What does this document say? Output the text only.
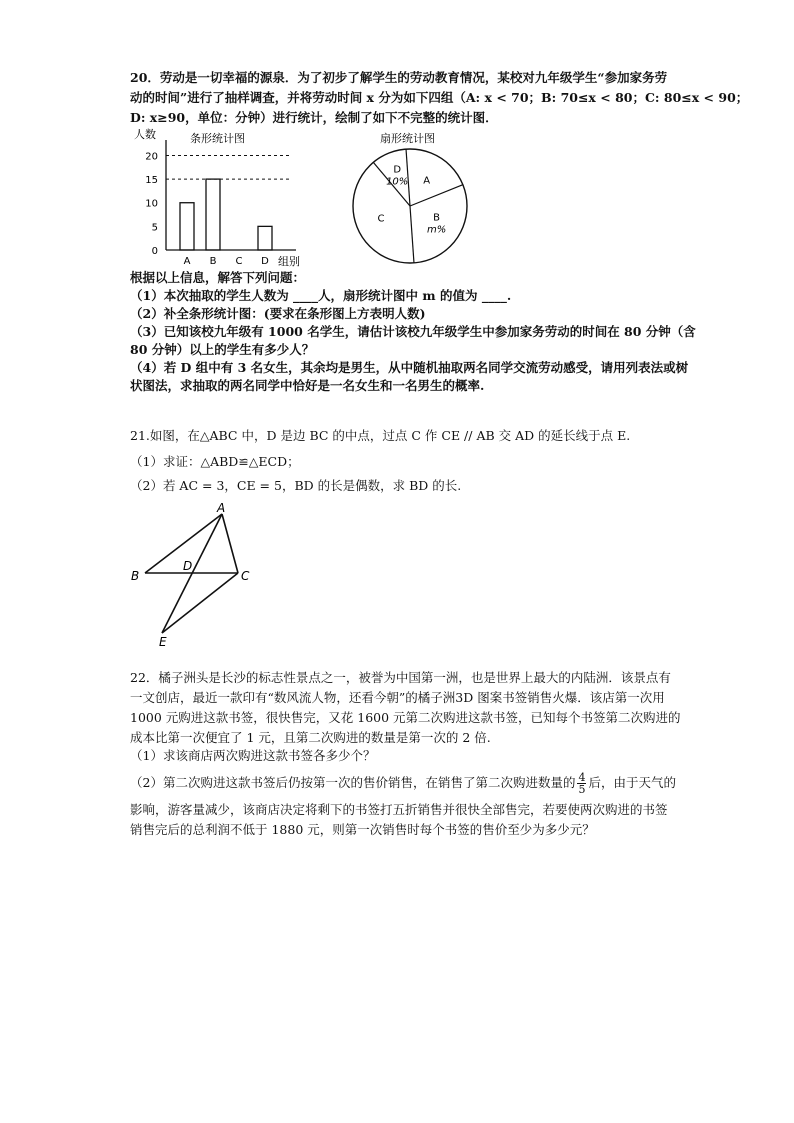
20．劳动是一切幸福的源泉．为了初步了解学生的劳动教育情况，某校对九年级学生“参加家务劳
动的时间”进行了抽样调查，并将劳动时间 x 分为如下四组（A: x < 70；B: 70≤x < 80；C: 80≤x < 90；
D: x≥90，单位：分钟）进行统计，绘制了如下不完整的统计图．
人数	条形统计图
0
5
10
15
20
A B C D 组别
扇形统计图
D
10% A
B
m%
C
根据以上信息，解答下列问题：
（1）本次抽取的学生人数为 ____人，扇形统计图中 m 的值为 ____.
（2）补全条形统计图：(要求在条形图上方表明人数)
（3）已知该校九年级有 1000 名学生，请估计该校九年级学生中参加家务劳动的时间在 80 分钟（含
80 分钟）以上的学生有多少人？
（4）若 D 组中有 3 名女生，其余均是男生，从中随机抽取两名同学交流劳动感受，请用列表法或树
状图法，求抽取的两名同学中恰好是一名女生和一名男生的概率.
21.如图，在△ABC 中，D 是边 BC 的中点，过点 C 作 CE // AB 交 AD 的延长线于点 E.
（1）求证：△ABD≌△ECD；
（2）若 AC = 3，CE = 5，BD 的长是偶数，求 BD 的长.
A
B	C
D
E
22．橘子洲头是长沙的标志性景点之一，被誉为中国第一洲，也是世界上最大的内陆洲．该景点有
一文创店，最近一款印有“数风流人物，还看今朝”的橘子洲3D 图案书签销售火爆．该店第一次用
1000 元购进这款书签，很快售完，又花 1600 元第二次购进这款书签，已知每个书签第二次购进的
成本比第一次便宜了 1 元，且第二次购进的数量是第一次的 2 倍.
（1）求该商店两次购进这款书签各多少个？
（2）第二次购进这款书签后仍按第一次的售价销售，在销售了第二次购进数量的 $\frac{4}{5}$ 后，由于天气的
影响，游客量减少，该商店决定将剩下的书签打五折销售并很快全部售完，若要使两次购进的书签
销售完后的总利润不低于 1880 元，则第一次销售时每个书签的售价至少为多少元？
